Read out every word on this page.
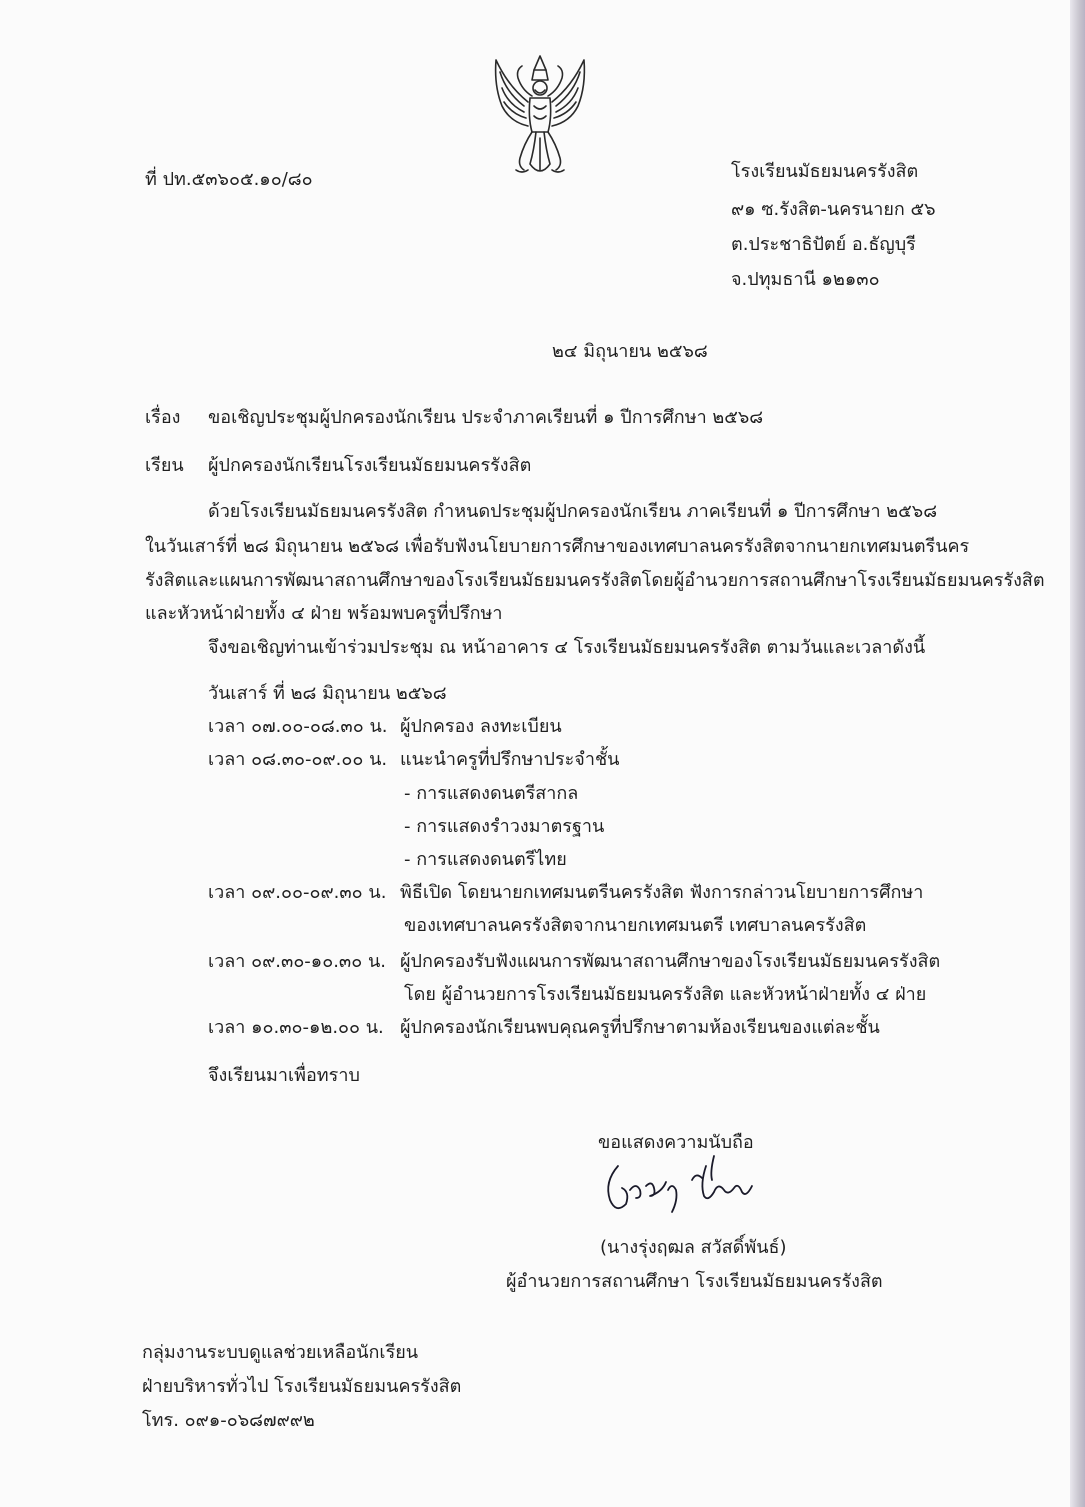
ที่ ปท.๕๓๖๐๕.๑๐/๘๐	โรงเรียนมัธยมนครรังสิต
๙๑ ซ.รังสิต-นครนายก ๕๖
ต.ประชาธิปัตย์ อ.ธัญบุรี
จ.ปทุมธานี ๑๒๑๓๐
๒๔ มิถุนายน ๒๕๖๘
เรื่อง ขอเชิญประชุมผู้ปกครองนักเรียน ประจำภาคเรียนที่ ๑ ปีการศึกษา ๒๕๖๘
เรียน ผู้ปกครองนักเรียนโรงเรียนมัธยมนครรังสิต
ด้วยโรงเรียนมัธยมนครรังสิต กำหนดประชุมผู้ปกครองนักเรียน ภาคเรียนที่ ๑ ปีการศึกษา ๒๕๖๘
ในวันเสาร์ที่ ๒๘ มิถุนายน ๒๕๖๘ เพื่อรับฟังนโยบายการศึกษาของเทศบาลนครรังสิตจากนายกเทศมนตรีนคร
รังสิตและแผนการพัฒนาสถานศึกษาของโรงเรียนมัธยมนครรังสิตโดยผู้อำนวยการสถานศึกษาโรงเรียนมัธยมนครรังสิต
และหัวหน้าฝ่ายทั้ง ๔ ฝ่าย พร้อมพบครูที่ปรึกษา
จึงขอเชิญท่านเข้าร่วมประชุม ณ หน้าอาคาร ๔ โรงเรียนมัธยมนครรังสิต ตามวันและเวลาดังนี้
วันเสาร์ ที่ ๒๘ มิถุนายน ๒๕๖๘
เวลา ๐๗.๐๐-๐๘.๓๐ น. ผู้ปกครอง ลงทะเบียน
เวลา ๐๘.๓๐-๐๙.๐๐ น. แนะนำครูที่ปรึกษาประจำชั้น
- การแสดงดนตรีสากล
- การแสดงรำวงมาตรฐาน
- การแสดงดนตรีไทย
เวลา ๐๙.๐๐-๐๙.๓๐ น. พิธีเปิด โดยนายกเทศมนตรีนครรังสิต ฟังการกล่าวนโยบายการศึกษา
ของเทศบาลนครรังสิตจากนายกเทศมนตรี เทศบาลนครรังสิต
เวลา ๐๙.๓๐-๑๐.๓๐ น. ผู้ปกครองรับฟังแผนการพัฒนาสถานศึกษาของโรงเรียนมัธยมนครรังสิต
โดย ผู้อำนวยการโรงเรียนมัธยมนครรังสิต และหัวหน้าฝ่ายทั้ง ๔ ฝ่าย
เวลา ๑๐.๓๐-๑๒.๐๐ น. ผู้ปกครองนักเรียนพบคุณครูที่ปรึกษาตามห้องเรียนของแต่ละชั้น
จึงเรียนมาเพื่อทราบ
ขอแสดงความนับถือ
(นางรุ่งฤฒล สวัสดิ์พันธ์)
ผู้อำนวยการสถานศึกษา โรงเรียนมัธยมนครรังสิต
กลุ่มงานระบบดูแลช่วยเหลือนักเรียน
ฝ่ายบริหารทั่วไป โรงเรียนมัธยมนครรังสิต
โทร. ๐๙๑-๐๖๘๗๙๙๒
